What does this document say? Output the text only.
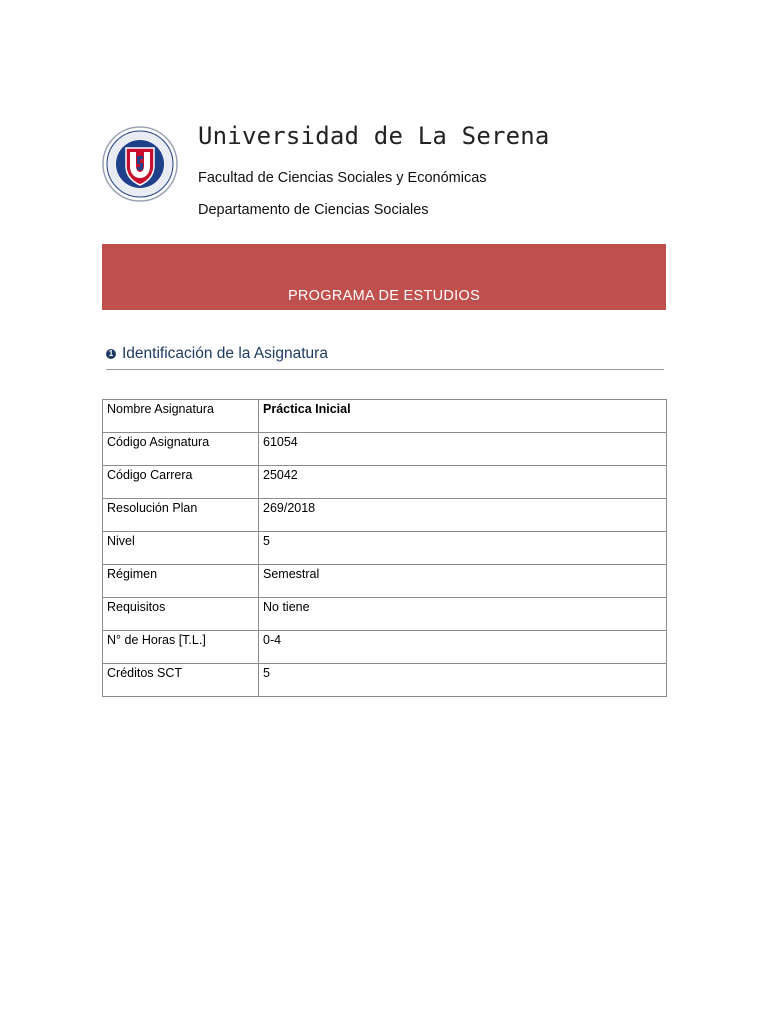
Universidad de La Serena
Facultad de Ciencias Sociales y Económicas
Departamento de Ciencias Sociales
PROGRAMA DE ESTUDIOS
1 Identificación de la Asignatura
Nombre Asignatura	Práctica Inicial
Código Asignatura	61054
Código Carrera	25042
Resolución Plan	269/2018
Nivel	5
Régimen	Semestral
Requisitos	No tiene
N° de Horas [T.L.]	0-4
Créditos SCT	5
